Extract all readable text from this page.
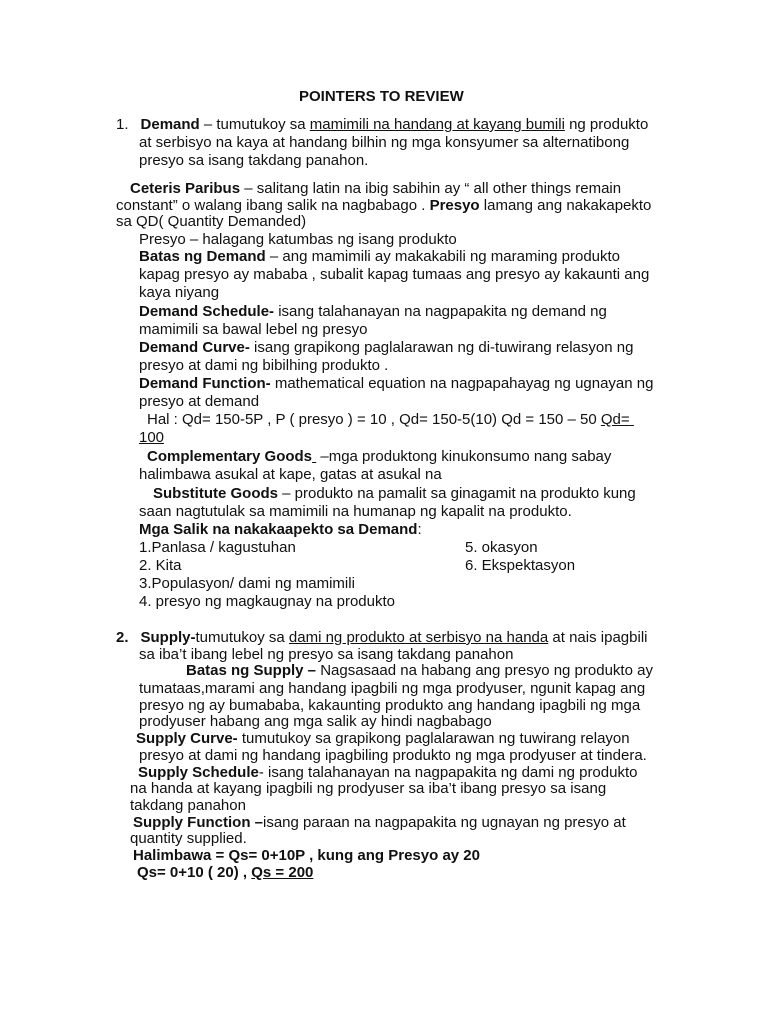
POINTERS TO REVIEW
1. Demand – tumutukoy sa mamimili na handang at kayang bumili ng produkto
at serbisyo na kaya at handang bilhin ng mga konsyumer sa alternatibong
presyo sa isang takdang panahon.
Ceteris Paribus – salitang latin na ibig sabihin ay “ all other things remain
constant” o walang ibang salik na nagbabago . Presyo lamang ang nakakapekto
sa QD( Quantity Demanded)
Presyo – halagang katumbas ng isang produkto
Batas ng Demand – ang mamimili ay makakabili ng maraming produkto
kapag presyo ay mababa , subalit kapag tumaas ang presyo ay kakaunti ang
kaya niyang
Demand Schedule- isang talahanayan na nagpapakita ng demand ng
mamimili sa bawal lebel ng presyo
Demand Curve- isang grapikong paglalarawan ng di-tuwirang relasyon ng
presyo at dami ng bibilhing produkto .
Demand Function- mathematical equation na nagpapahayag ng ugnayan ng
presyo at demand
Hal : Qd= 150-5P , P ( presyo ) = 10 , Qd= 150-5(10) Qd = 150 – 50 Qd=
100
Complementary Goods  –mga produktong kinukonsumo nang sabay
halimbawa asukal at kape, gatas at asukal na
Substitute Goods – produkto na pamalit sa ginagamit na produkto kung
saan nagtutulak sa mamimili na humanap ng kapalit na produkto.
Mga Salik na nakakaapekto sa Demand:
1.Panlasa / kagustuhan
2. Kita
3.Populasyon/ dami ng mamimili
4. presyo ng magkaugnay na produkto
5. okasyon
6. Ekspektasyon
2. Supply-tumutukoy sa dami ng produkto at serbisyo na handa at nais ipagbili
sa iba’t ibang lebel ng presyo sa isang takdang panahon
Batas ng Supply – Nagsasaad na habang ang presyo ng produkto ay
tumataas,marami ang handang ipagbili ng mga prodyuser, ngunit kapag ang
presyo ng ay bumababa, kakaunting produkto ang handang ipagbili ng mga
prodyuser habang ang mga salik ay hindi nagbabago
Supply Curve- tumutukoy sa grapikong paglalarawan ng tuwirang relayon
presyo at dami ng handang ipagbiling produkto ng mga prodyuser at tindera.
Supply Schedule- isang talahanayan na nagpapakita ng dami ng produkto
na handa at kayang ipagbili ng prodyuser sa iba’t ibang presyo sa isang
takdang panahon
Supply Function –isang paraan na nagpapakita ng ugnayan ng presyo at
quantity supplied.
Halimbawa = Qs= 0+10P , kung ang Presyo ay 20
Qs= 0+10 ( 20) , Qs = 200
